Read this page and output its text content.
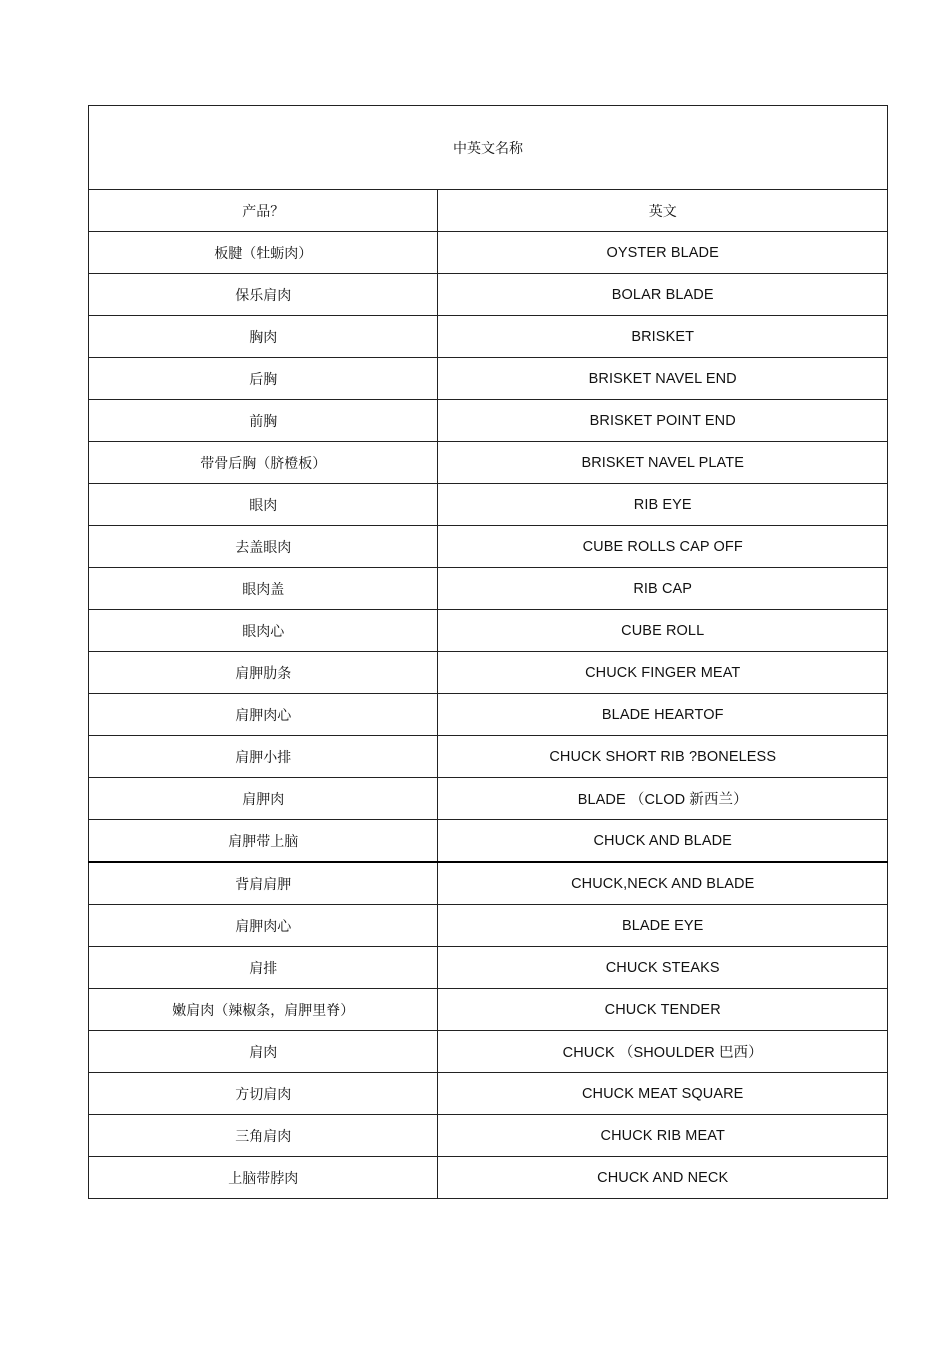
中英文名称	
产品？	英文
板腱（牡蛎肉）	OYSTER BLADE
保乐肩肉	BOLAR BLADE
胸肉	BRISKET
后胸	BRISKET NAVEL END
前胸	BRISKET POINT END
带骨后胸（脐橙板）	BRISKET NAVEL PLATE
眼肉	RIB EYE
去盖眼肉	CUBE ROLLS CAP OFF
眼肉盖	RIB CAP
眼肉心	CUBE ROLL
肩胛肋条	CHUCK FINGER MEAT
肩胛肉心	BLADE HEARTOF
肩胛小排	CHUCK SHORT RIB ?BONELESS
肩胛肉	BLADE （CLOD 新西兰）
肩胛带上脑	CHUCK AND BLADE
背肩肩胛	CHUCK,NECK AND BLADE
肩胛肉心	BLADE EYE
肩排	CHUCK STEAKS
嫩肩肉（辣椒条，肩胛里脊）	CHUCK TENDER
肩肉	CHUCK （SHOULDER 巴西）
方切肩肉	CHUCK MEAT SQUARE
三角肩肉	CHUCK RIB MEAT
上脑带脖肉	CHUCK AND NECK
